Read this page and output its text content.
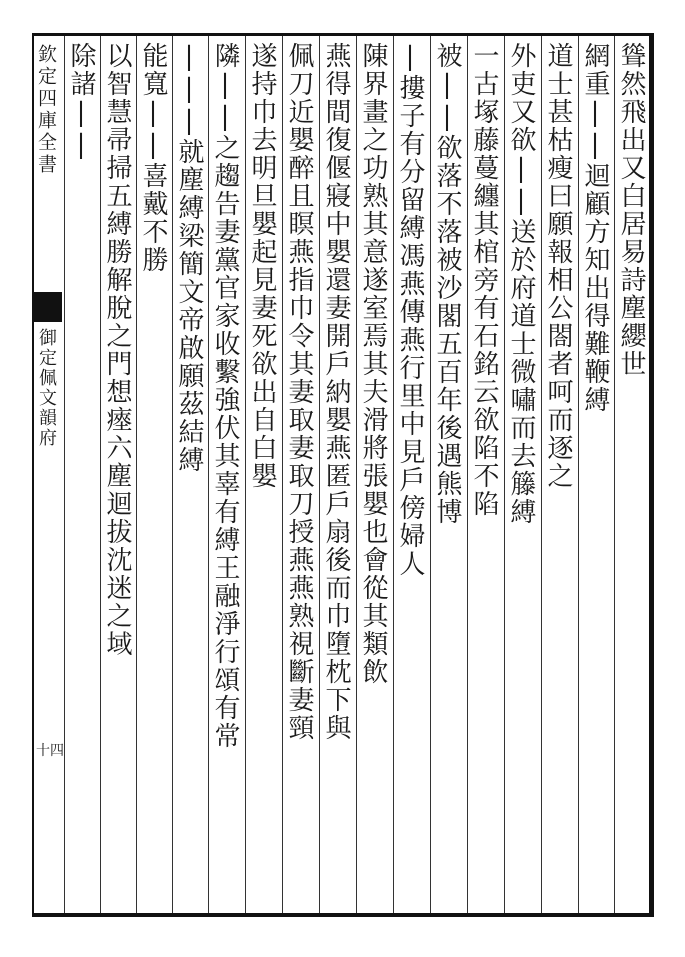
欽定四庫全書
御定佩文韻府
十四
聳然飛出又白居易詩塵纓世
網重||迴顧方知出得難鞭縛
道士甚枯瘦曰願報相公閤者呵而逐之
外吏又欲||送於府道士微嘯而去籐縛
一古塚藤蔓纏其棺旁有石銘云欲陷不陷
被||欲落不落被沙閣五百年後遇熊博
|摟子有分留縛馮燕傳燕行里中見戶傍婦人
陳界畫之功熟其意遂室焉其夫滑將張嬰也會從其類飲
燕得間復偃寢中嬰還妻開戶納嬰燕匿戶扇後而巾墮枕下與
佩刀近嬰醉且瞑燕指巾令其妻取妻取刀授燕燕熟視斷妻頸
遂持巾去明旦嬰起見妻死欲出自白嬰
隣||之趨告妻黨官家收繫強伏其辜有縛王融淨行頌有常
|||就塵縛梁簡文帝啟願茲結縛
能寬||喜戴不勝
以智慧帚掃五縛勝解脫之門想瘞六塵迴拔沈迷之域
除諸||
